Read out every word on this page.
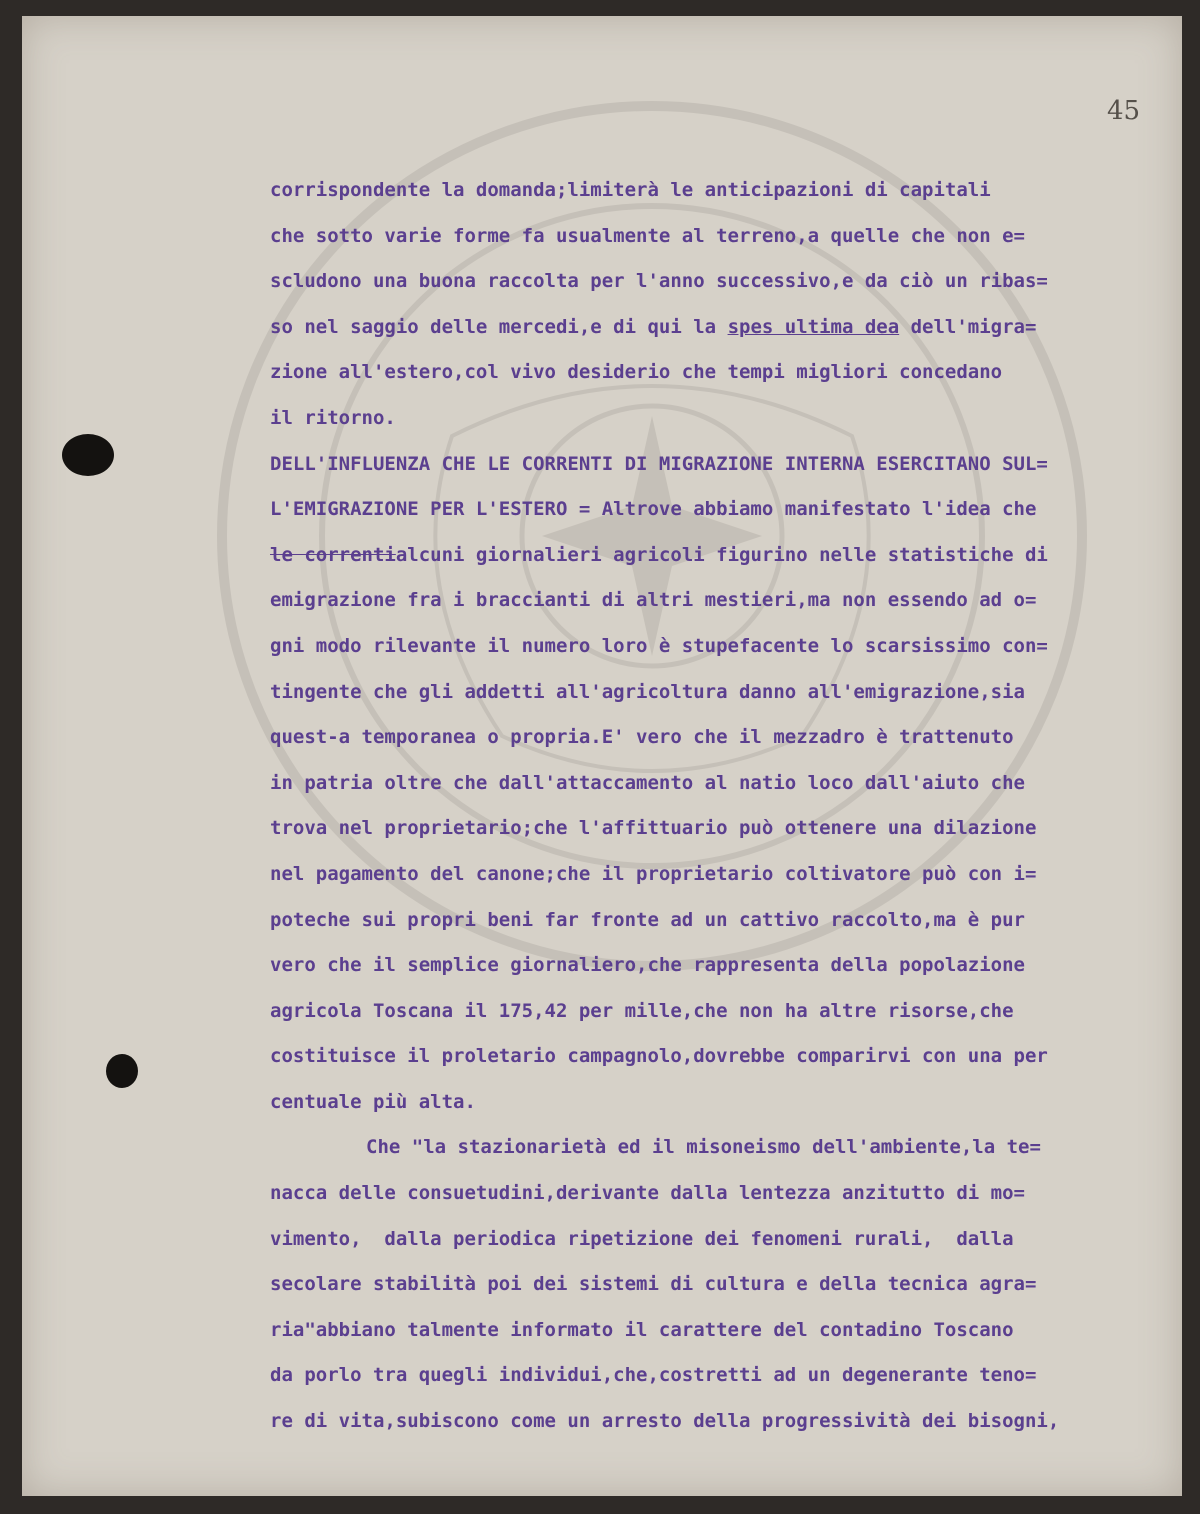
45
corrispondente la domanda;limiterà le anticipazioni di capitali
che sotto varie forme fa usualmente al terreno,a quelle che non e=
scludono una buona raccolta per l'anno successivo,e da ciò un ribas=
so nel saggio delle mercedi,e di qui la spes ultima dea dell'migra=
zione all'estero,col vivo desiderio che tempi migliori concedano
il ritorno.
DELL'INFLUENZA CHE LE CORRENTI DI MIGRAZIONE INTERNA ESERCITANO SUL=
L'EMIGRAZIONE PER L'ESTERO = Altrove abbiamo manifestato l'idea che
le correntialcuni giornalieri agricoli figurino nelle statistiche di
emigrazione fra i braccianti di altri mestieri,ma non essendo ad o=
gni modo rilevante il numero loro è stupefacente lo scarsissimo con=
tingente che gli addetti all'agricoltura danno all'emigrazione,sia
quest-a temporanea o propria.E' vero che il mezzadro è trattenuto
in patria oltre che dall'attaccamento al natio loco dall'aiuto che
trova nel proprietario;che l'affittuario può ottenere una dilazione
nel pagamento del canone;che il proprietario coltivatore può con i=
poteche sui propri beni far fronte ad un cattivo raccolto,ma è pur
vero che il semplice giornaliero,che rappresenta della popolazione
agricola Toscana il 175,42 per mille,che non ha altre risorse,che
costituisce il proletario campagnolo,dovrebbe comparirvi con una per
centuale più alta.
Che "la stazionarietà ed il misoneismo dell'ambiente,la te=
nacca delle consuetudini,derivante dalla lentezza anzitutto di mo=
vimento,  dalla periodica ripetizione dei fenomeni rurali,  dalla
secolare stabilità poi dei sistemi di cultura e della tecnica agra=
ria"abbiano talmente informato il carattere del contadino Toscano
da porlo tra quegli individui,che,costretti ad un degenerante teno=
re di vita,subiscono come un arresto della progressività dei bisogni,
